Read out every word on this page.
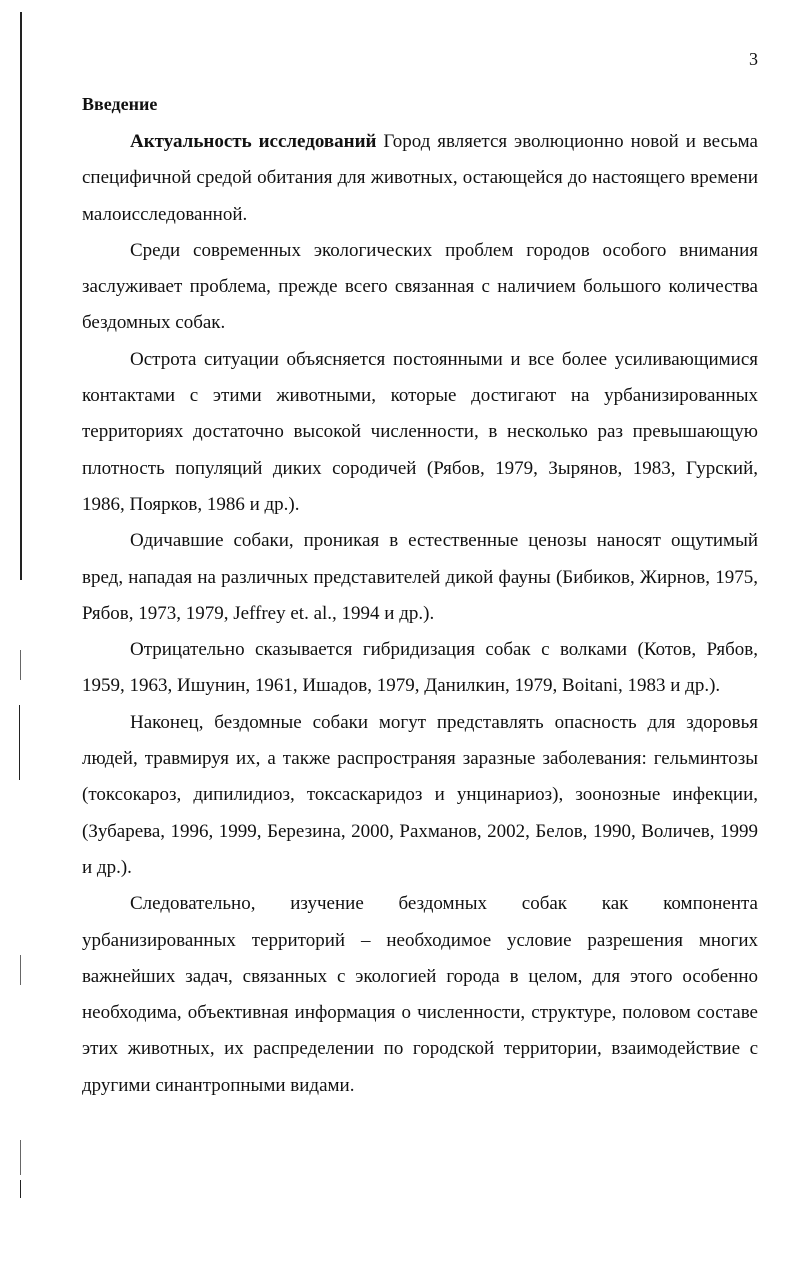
3
Введение

Актуальность исследований Город является эволюционно новой и весьма специфичной средой обитания для животных, остающейся до настоящего времени малоисследованной.

Среди современных экологических проблем городов особого внимания заслуживает проблема, прежде всего связанная с наличием большого количества бездомных собак.

Острота ситуации объясняется постоянными и все более усиливающимися контактами с этими животными, которые достигают на урбанизированных территориях достаточно высокой численности, в несколько раз превышающую плотность популяций диких сородичей (Рябов, 1979, Зырянов, 1983, Гурский, 1986, Поярков, 1986 и др.).

Одичавшие собаки, проникая в естественные ценозы наносят ощутимый вред, нападая на различных представителей дикой фауны (Бибиков, Жирнов, 1975, Рябов, 1973, 1979, Jeffrey et. al., 1994 и др.).

Отрицательно сказывается гибридизация собак с волками (Котов, Рябов, 1959, 1963, Ишунин, 1961, Ишадов, 1979, Данилкин, 1979, Boitani, 1983 и др.).

Наконец, бездомные собаки могут представлять опасность для здоровья людей, травмируя их, а также распространяя заразные заболевания: гельминтозы (токсокароз, дипилидиоз, токсаскаридоз и унцинариоз), зоонозные инфекции, (Зубарева, 1996, 1999, Березина, 2000, Рахманов, 2002, Белов, 1990, Воличев, 1999 и др.).

Следовательно, изучение бездомных собак как компонента урбанизированных территорий – необходимое условие разрешения многих важнейших задач, связанных с экологией города в целом, для этого особенно необходима, объективная информация о численности, структуре, половом составе этих животных, их распределении по городской территории, взаимодействие с другими синантропными видами.
